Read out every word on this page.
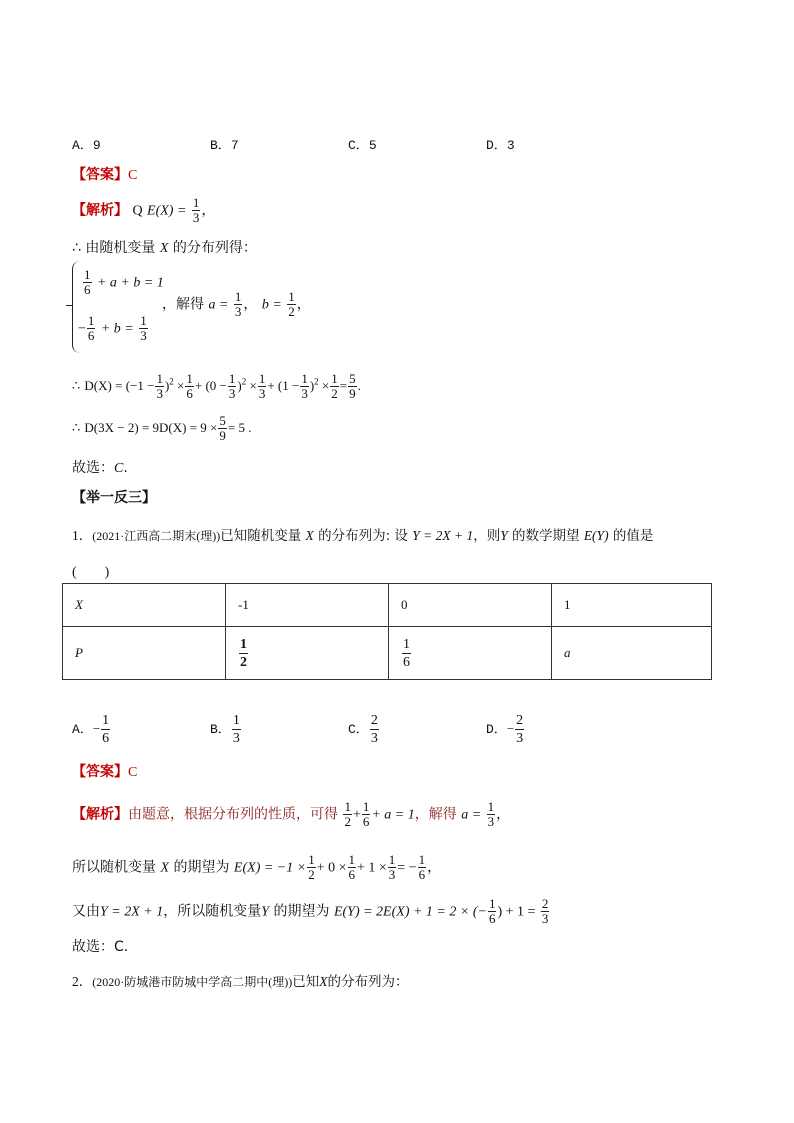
A．9	B．7	C．5	D．3
【答案】C
【解析】 Q $E(X) = \frac{1}{3}$ ，
∴ 由随机变量 X 的分布列得：
$\frac{1}{6} + a + b = 1$
− $\frac{1}{6} + b = \frac{1}{3}$
，解得 $a = \frac{1}{3}$ ， $b = \frac{1}{2}$ ，
∴ $D(X) = (-1 - \frac{1}{3} )^2 \times \frac{1}{6} + (0 - \frac{1}{3} )^2 \times \frac{1}{3} + (1 - \frac{1}{3} )^2 \times \frac{1}{2} = \frac{5}{9}$ .
∴ $D(3X - 2) = 9D(X) = 9 \times \frac{5}{9} = 5$ .
故选：C.
【举一反三】
1．(2021·江西高二期末(理))已知随机变量 X 的分布列为: 设 Y = 2X + 1，则Y 的数学期望 E(Y) 的值是
(　　)
X	-1	0	1
P	$\frac{1}{2}$	$\frac{1}{6}$	a
A．− $\frac{1}{6}$	B． $\frac{1}{3}$	C． $\frac{2}{3}$	D．− $\frac{2}{3}$
【答案】C
【解析】由题意，根据分布列的性质，可得 $\frac{1}{2} + \frac{1}{6} + a = 1$，解得 $a = \frac{1}{3}$ ，
所以随机变量 X 的期望为 $E(X) = -1 \times \frac{1}{2} + 0 \times \frac{1}{6} + 1 \times \frac{1}{3}$ = − $\frac{1}{6}$ ，
又由Y = 2X + 1，所以随机变量Y 的期望为 E(Y) = 2E(X) + 1 = 2 × (− $\frac{1}{6}$ ) + $1 = \frac{2}{3}$
故选：C.
2．(2020·防城港市防城中学高二期中(理))已知X的分布列为：
